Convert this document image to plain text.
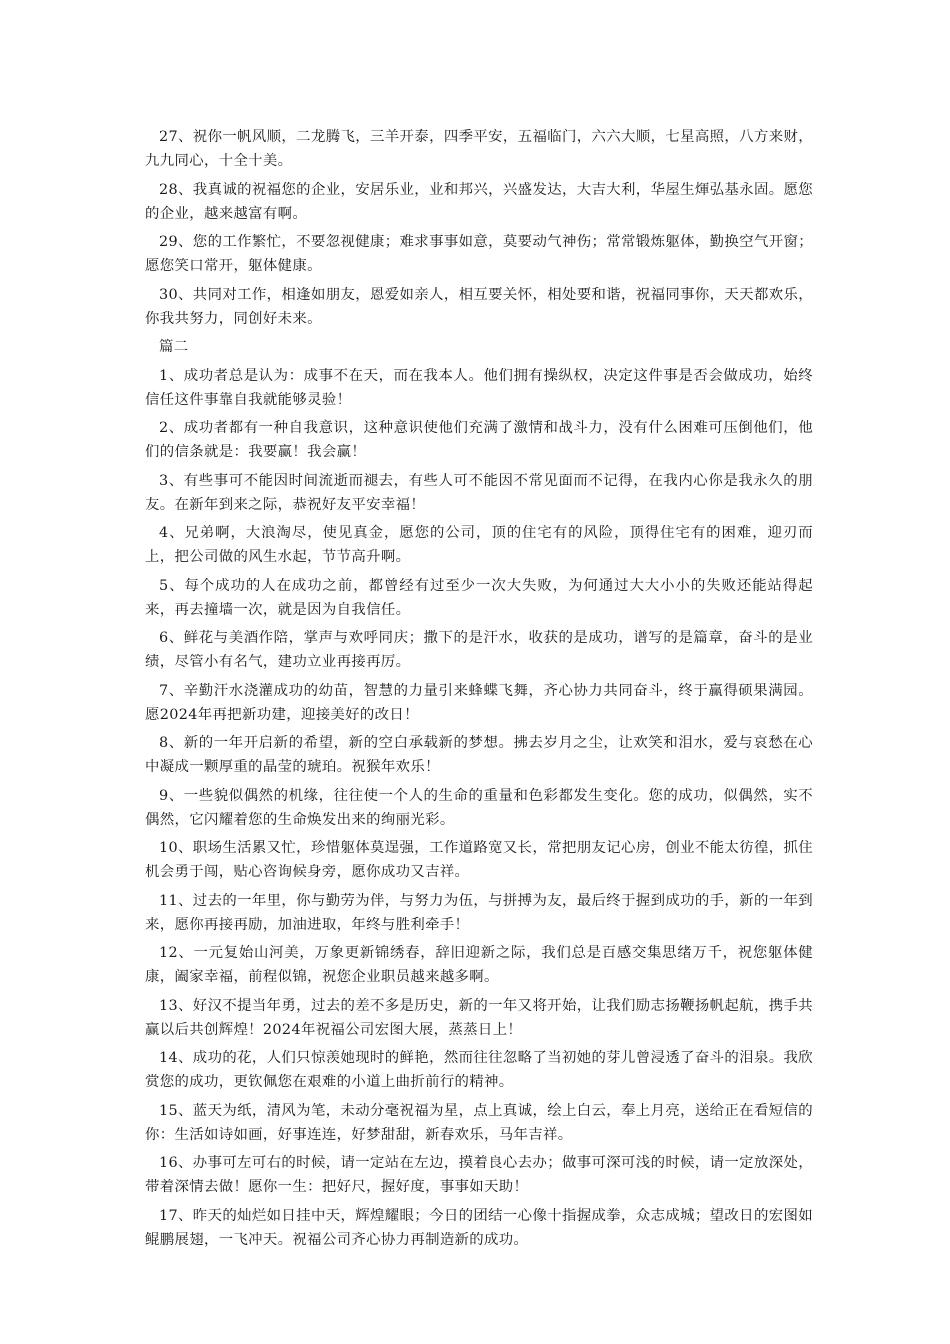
27、祝你一帆风顺，二龙腾飞，三羊开泰，四季平安，五福临门，六六大顺，七星高照，八方来财，九九同心，十全十美。

28、我真诚的祝福您的企业，安居乐业，业和邦兴，兴盛发达，大吉大利，华屋生煇弘基永固。愿您的企业，越来越富有啊。

29、您的工作繁忙，不要忽视健康；难求事事如意，莫要动气神伤；常常锻炼躯体，勤换空气开窗；愿您笑口常开，躯体健康。

30、共同对工作，相逢如朋友，恩爱如亲人，相互要关怀，相处要和谐，祝福同事你，天天都欢乐，你我共努力，同创好未来。

篇二

1、成功者总是认为：成事不在天，而在我本人。他们拥有操纵权，决定这件事是否会做成功，始终信任这件事靠自我就能够灵验！

2、成功者都有一种自我意识，这种意识使他们充满了激情和战斗力，没有什么困难可压倒他们，他们的信条就是：我要赢！我会赢！

3、有些事可不能因时间流逝而褪去，有些人可不能因不常见面而不记得，在我内心你是我永久的朋友。在新年到来之际，恭祝好友平安幸福！

4、兄弟啊，大浪淘尽，使见真金，愿您的公司，顶的住宅有的风险，顶得住宅有的困难，迎刃而上，把公司做的风生水起，节节高升啊。

5、每个成功的人在成功之前，都曾经有过至少一次大失败，为何通过大大小小的失败还能站得起来，再去撞墙一次，就是因为自我信任。

6、鲜花与美酒作陪，掌声与欢呼同庆；撒下的是汗水，收获的是成功，谱写的是篇章，奋斗的是业绩，尽管小有名气，建功立业再接再厉。

7、辛勤汗水浇灌成功的幼苗，智慧的力量引来蜂蝶飞舞，齐心协力共同奋斗，终于赢得硕果满园。愿2024年再把新功建，迎接美好的改日！

8、新的一年开启新的希望，新的空白承载新的梦想。拂去岁月之尘，让欢笑和泪水，爱与哀愁在心中凝成一颗厚重的晶莹的琥珀。祝猴年欢乐！

9、一些貌似偶然的机缘，往往使一个人的生命的重量和色彩都发生变化。您的成功，似偶然，实不偶然，它闪耀着您的生命焕发出来的绚丽光彩。

10、职场生活累又忙，珍惜躯体莫逞强，工作道路宽又长，常把朋友记心房，创业不能太彷徨，抓住机会勇于闯，贴心咨询候身旁，愿你成功又吉祥。

11、过去的一年里，你与勤劳为伴，与努力为伍，与拼搏为友，最后终于握到成功的手，新的一年到来，愿你再接再励，加油进取，年终与胜利牵手！

12、一元复始山河美，万象更新锦绣春，辞旧迎新之际，我们总是百感交集思绪万千，祝您躯体健康，阖家幸福，前程似锦，祝您企业职员越来越多啊。

13、好汉不提当年勇，过去的差不多是历史，新的一年又将开始，让我们励志扬鞭扬帆起航，携手共赢以后共创辉煌！2024年祝福公司宏图大展，蒸蒸日上！

14、成功的花，人们只惊羡她现时的鲜艳，然而往往忽略了当初她的芽儿曾浸透了奋斗的泪泉。我欣赏您的成功，更钦佩您在艰难的小道上曲折前行的精神。

15、蓝天为纸，清风为笔，未动分毫祝福为星，点上真诚，绘上白云，奉上月亮，送给正在看短信的你：生活如诗如画，好事连连，好梦甜甜，新春欢乐，马年吉祥。

16、办事可左可右的时候，请一定站在左边，摸着良心去办；做事可深可浅的时候，请一定放深处，带着深情去做！愿你一生：把好尺，握好度，事事如天助！

17、昨天的灿烂如日挂中天，辉煌耀眼；今日的团结一心像十指握成拳，众志成城；望改日的宏图如鲲鹏展翅，一飞冲天。祝福公司齐心协力再制造新的成功。
